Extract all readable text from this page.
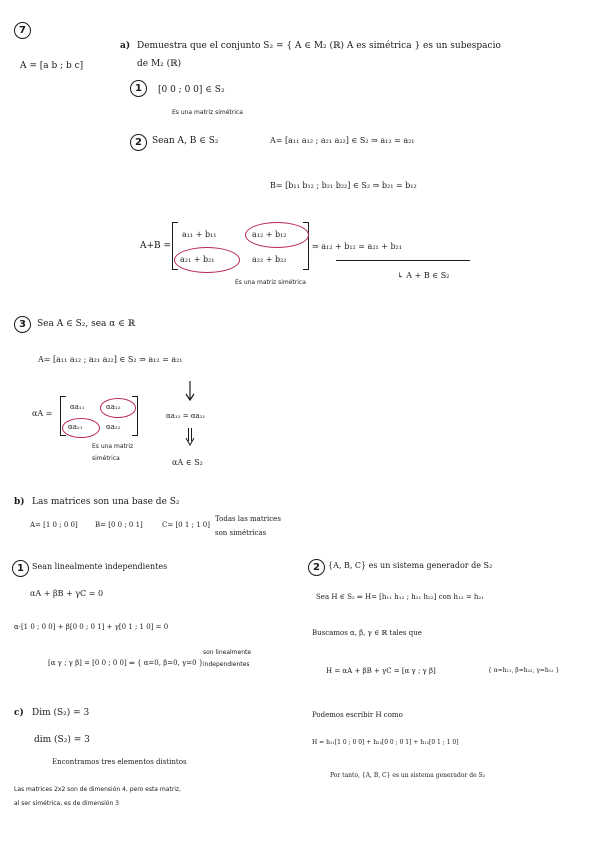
7
A = [a b ; b c]
a) Demuestra que el conjunto S₂ = { A ∈ M₂ (ℝ) A es simétrica } es un subespacio
de M₂ (ℝ)
1	[0 0 ; 0 0] ∈ S₂
Es una matriz simétrica
2	Sean A, B ∈ S₂	A= [a₁₁ a₁₂ ; a₂₁ a₂₂] ∈ S₂ ⇒ a₁₂ = a₂₁
B= [b₁₁ b₁₂ ; b₂₁ b₂₂] ∈ S₂ ⇒ b₂₁ = b₁₂
A+B =
a₁₁ + b₁₁	a₁₂ + b₁₂
a₂₁ + b₂₁	a₂₂ + b₂₂
⇒ a₁₂ + b₁₂ = a₂₁ + b₂₁
Es una matriz simétrica
↳ A + B ∈ S₂
3	Sea A ∈ S₂, sea α ∈ ℝ
A= [a₁₁ a₁₂ ; a₂₁ a₂₂] ∈ S₂ ⇒ a₁₂ = a₂₁
αA =
αa₁₁	αa₁₂
αa₂₁	αa₂₂
αa₁₂ = αa₂₁
Es una matriz
simétrica	αA ∈ S₂
b) Las matrices son una base de S₂
A= [1 0 ; 0 0] B= [0 0 ; 0 1]	C= [0 1 ; 1 0]
Todas las matrices
son simétricas
1	Sean linealmente independientes
αA + βB + γC = 0
α·[1 0 ; 0 0] + β[0 0 ; 0 1] + γ[0 1 ; 1 0] = 0
[α γ ; γ β] = [0 0 ; 0 0] ⇒ { α=0, β=0, γ=0 }
son linealmente
independientes
2	{A, B, C} es un sistema generador de S₂
Sea H ∈ S₂ ⇒ H= [h₁₁ h₁₂ ; h₂₁ h₂₂] con h₁₂ = h₂₁
Buscamos α, β, γ ∈ ℝ tales que
H = αA + βB + γC = [α γ ; γ β]	{ α=h₁₁, β=h₂₂, γ=h₁₂ }
Podemos escribir H como
H = h₁₁[1 0 ; 0 0] + h₂₂[0 0 ; 0 1] + h₁₂[0 1 ; 1 0]
Por tanto, {A, B, C} es un sistema generador de S₂
c) Dim (S₂) = 3
dim (S₂) = 3
Encontramos tres elementos distintos
Las matrices 2x2 son de dimensión 4, pero esta matriz,
al ser simétrica, es de dimensión 3
